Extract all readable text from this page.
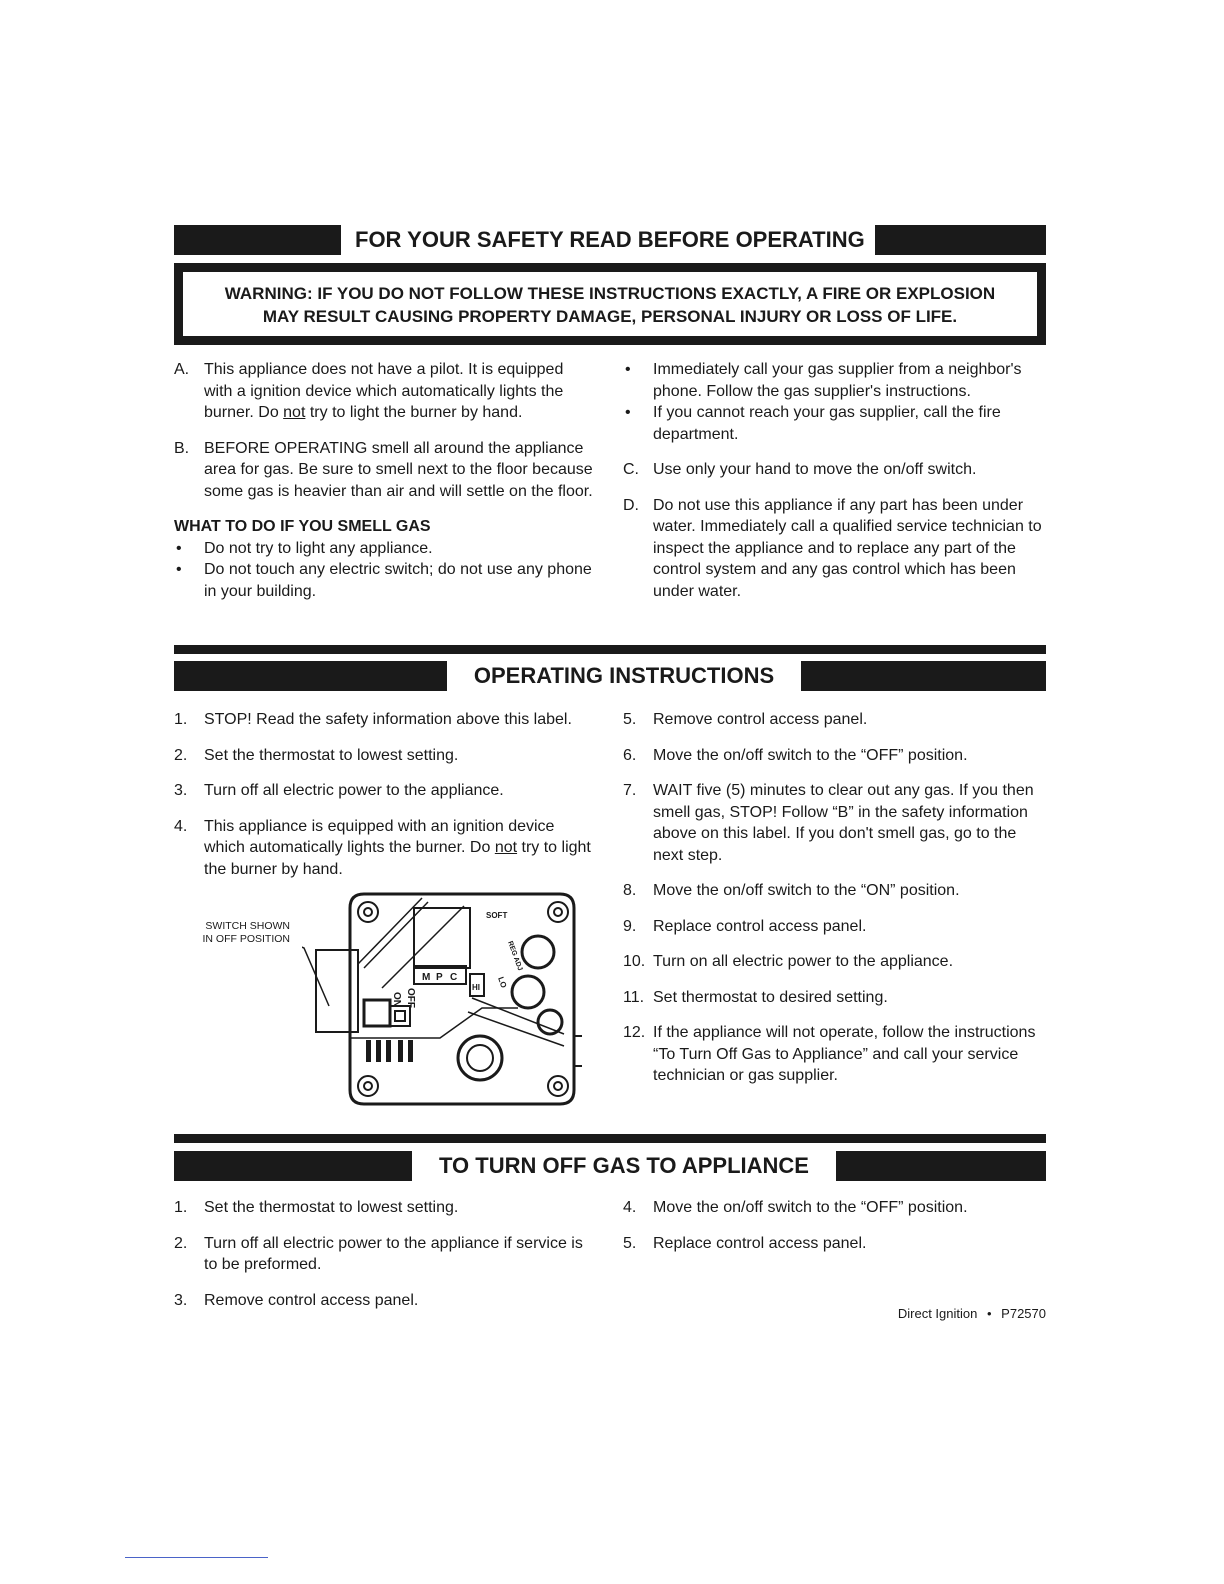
FOR YOUR SAFETY READ BEFORE OPERATING
WARNING: IF YOU DO NOT FOLLOW THESE INSTRUCTIONS EXACTLY, A FIRE OR EXPLOSION
MAY RESULT CAUSING PROPERTY DAMAGE, PERSONAL INJURY OR LOSS OF LIFE.
A. This appliance does not have a pilot. It is equipped with a ignition device which automatically lights the burner. Do not try to light the burner by hand.
B. BEFORE OPERATING smell all around the appliance area for gas. Be sure to smell next to the floor because some gas is heavier than air and will settle on the floor.
WHAT TO DO IF YOU SMELL GAS
• Do not try to light any appliance.
• Do not touch any electric switch; do not use any phone in your building.
• Immediately call your gas supplier from a neighbor's phone. Follow the gas supplier's instructions.
• If you cannot reach your gas supplier, call the fire department.
C. Use only your hand to move the on/off switch.
D. Do not use this appliance if any part has been under water. Immediately call a qualified service technician to inspect the appliance and to replace any part of the control system and any gas control which has been under water.
OPERATING INSTRUCTIONS
1. STOP! Read the safety information above this label.
2. Set the thermostat to lowest setting.
3. Turn off all electric power to the appliance.
4. This appliance is equipped with an ignition device which automatically lights the burner. Do not try to light the burner by hand.
SWITCH SHOWN
IN OFF POSITION
ON OFF
C
P
M
HI LO
SOFT
REG ADJ
5. Remove control access panel.
6. Move the on/off switch to the “OFF” position.
7. WAIT five (5) minutes to clear out any gas. If you then smell gas, STOP! Follow “B” in the safety information above on this label. If you don't smell gas, go to the next step.
8. Move the on/off switch to the “ON” position.
9. Replace control access panel.
10. Turn on all electric power to the appliance.
11. Set thermostat to desired setting.
12. If the appliance will not operate, follow the instructions “To Turn Off Gas to Appliance” and call your service technician or gas supplier.
TO TURN OFF GAS TO APPLIANCE
1. Set the thermostat to lowest setting.
2. Turn off all electric power to the appliance if service is to be preformed.
3. Remove control access panel.
4. Move the on/off switch to the “OFF” position.
5. Replace control access panel.
Direct Ignition • P72570
